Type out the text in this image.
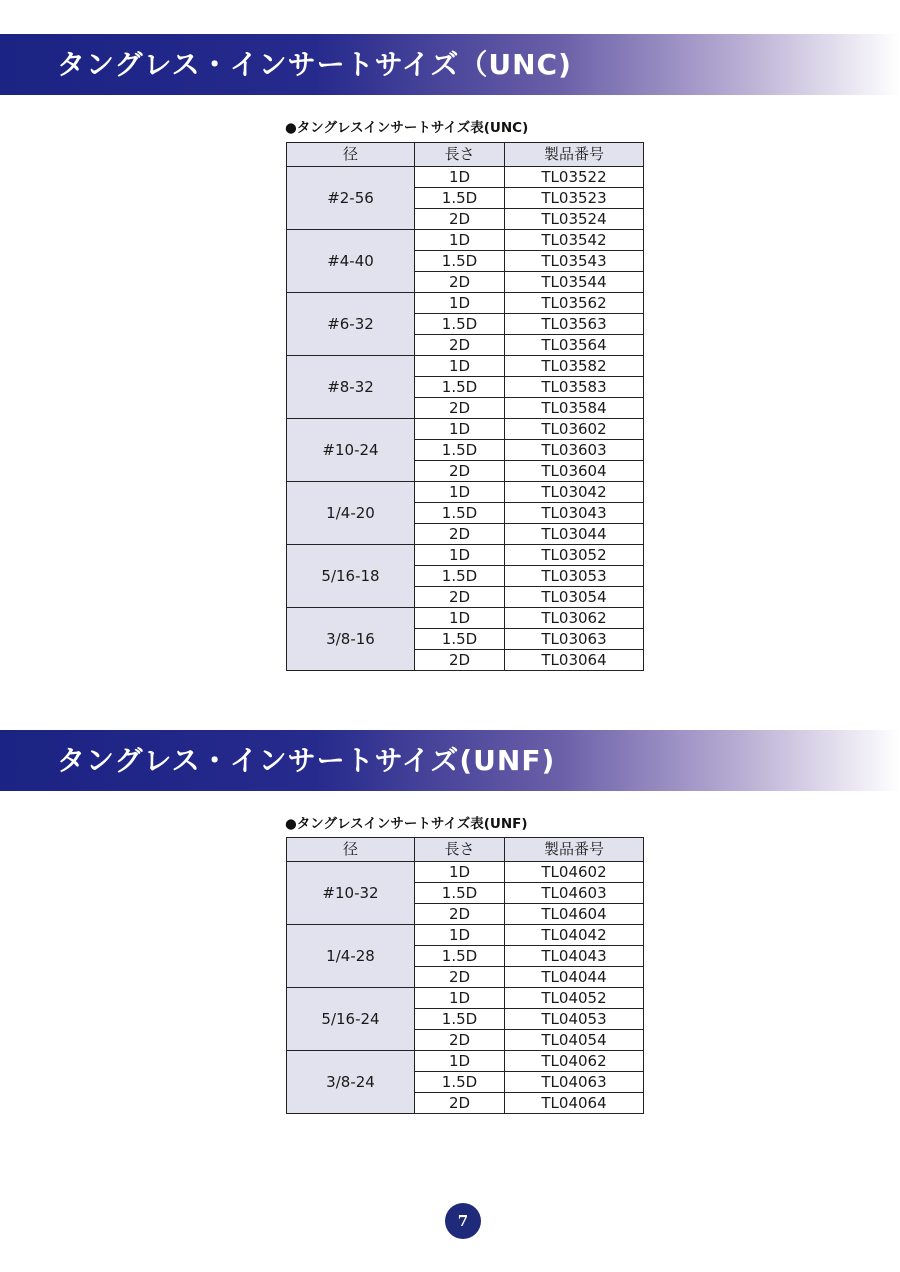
タングレス・インサートサイズ（UNC)
●タングレスインサートサイズ表(UNC)
径	長さ	製品番号
#2-56	1D	TL03522
	1.5D	TL03523
	2D	TL03524
#4-40	1D	TL03542
	1.5D	TL03543
	2D	TL03544
#6-32	1D	TL03562
	1.5D	TL03563
	2D	TL03564
#8-32	1D	TL03582
	1.5D	TL03583
	2D	TL03584
#10-24	1D	TL03602
	1.5D	TL03603
	2D	TL03604
1/4-20	1D	TL03042
	1.5D	TL03043
	2D	TL03044
5/16-18	1D	TL03052
	1.5D	TL03053
	2D	TL03054
3/8-16	1D	TL03062
	1.5D	TL03063
	2D	TL03064
タングレス・インサートサイズ(UNF)
●タングレスインサートサイズ表(UNF)
径	長さ	製品番号
#10-32	1D	TL04602
	1.5D	TL04603
	2D	TL04604
1/4-28	1D	TL04042
	1.5D	TL04043
	2D	TL04044
5/16-24	1D	TL04052
	1.5D	TL04053
	2D	TL04054
3/8-24	1D	TL04062
	1.5D	TL04063
	2D	TL04064
7
